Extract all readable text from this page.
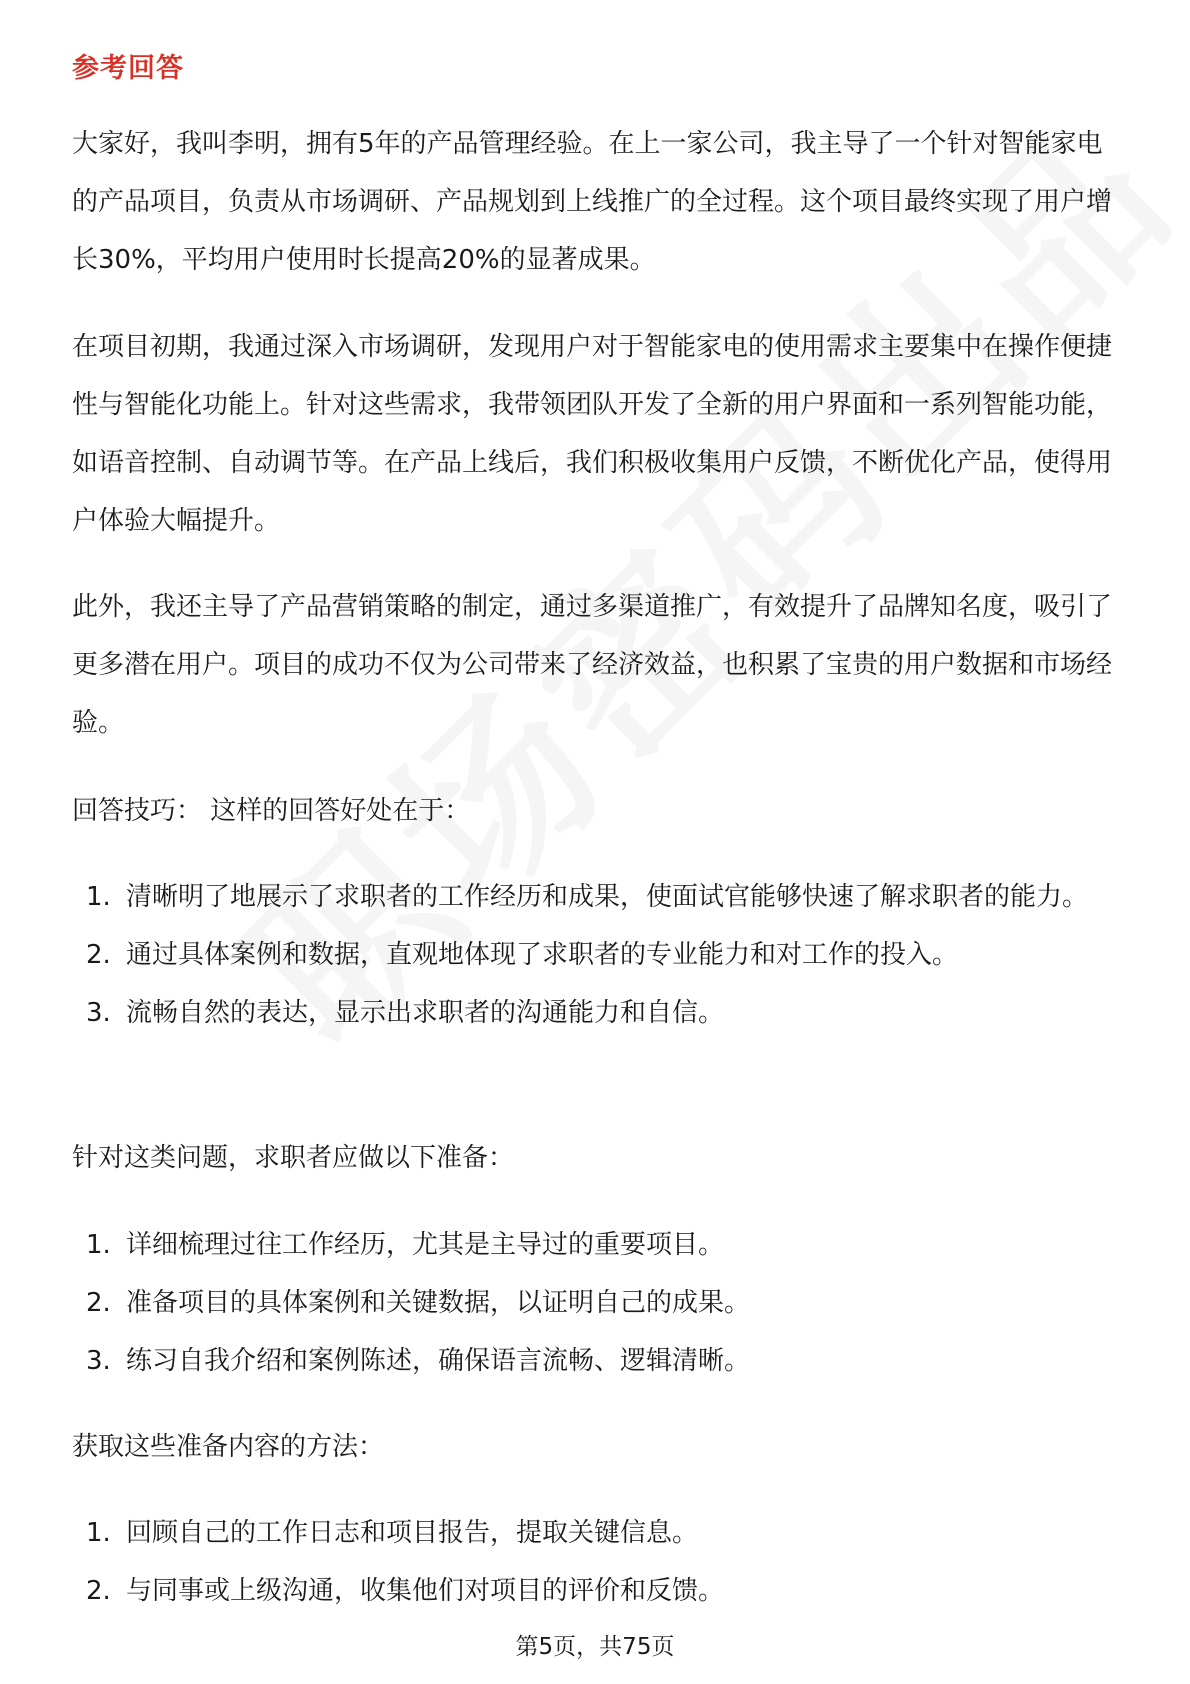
参考回答

大家好，我叫李明，拥有5年的产品管理经验。在上一家公司，我主导了一个针对智能家电的产品项目，负责从市场调研、产品规划到上线推广的全过程。这个项目最终实现了用户增长30%，平均用户使用时长提高20%的显著成果。

在项目初期，我通过深入市场调研，发现用户对于智能家电的使用需求主要集中在操作便捷性与智能化功能上。针对这些需求，我带领团队开发了全新的用户界面和一系列智能功能，如语音控制、自动调节等。在产品上线后，我们积极收集用户反馈，不断优化产品，使得用户体验大幅提升。

此外，我还主导了产品营销策略的制定，通过多渠道推广，有效提升了品牌知名度，吸引了更多潜在用户。项目的成功不仅为公司带来了经济效益，也积累了宝贵的用户数据和市场经验。

回答技巧： 这样的回答好处在于：
1. 清晰明了地展示了求职者的工作经历和成果，使面试官能够快速了解求职者的能力。
2. 通过具体案例和数据，直观地体现了求职者的专业能力和对工作的投入。
3. 流畅自然的表达，显示出求职者的沟通能力和自信。
针对这类问题，求职者应做以下准备：
1. 详细梳理过往工作经历，尤其是主导过的重要项目。
2. 准备项目的具体案例和关键数据，以证明自己的成果。
3. 练习自我介绍和案例陈述，确保语言流畅、逻辑清晰。
获取这些准备内容的方法：
1. 回顾自己的工作日志和项目报告，提取关键信息。
2. 与同事或上级沟通，收集他们对项目的评价和反馈。
第5页，共75页
